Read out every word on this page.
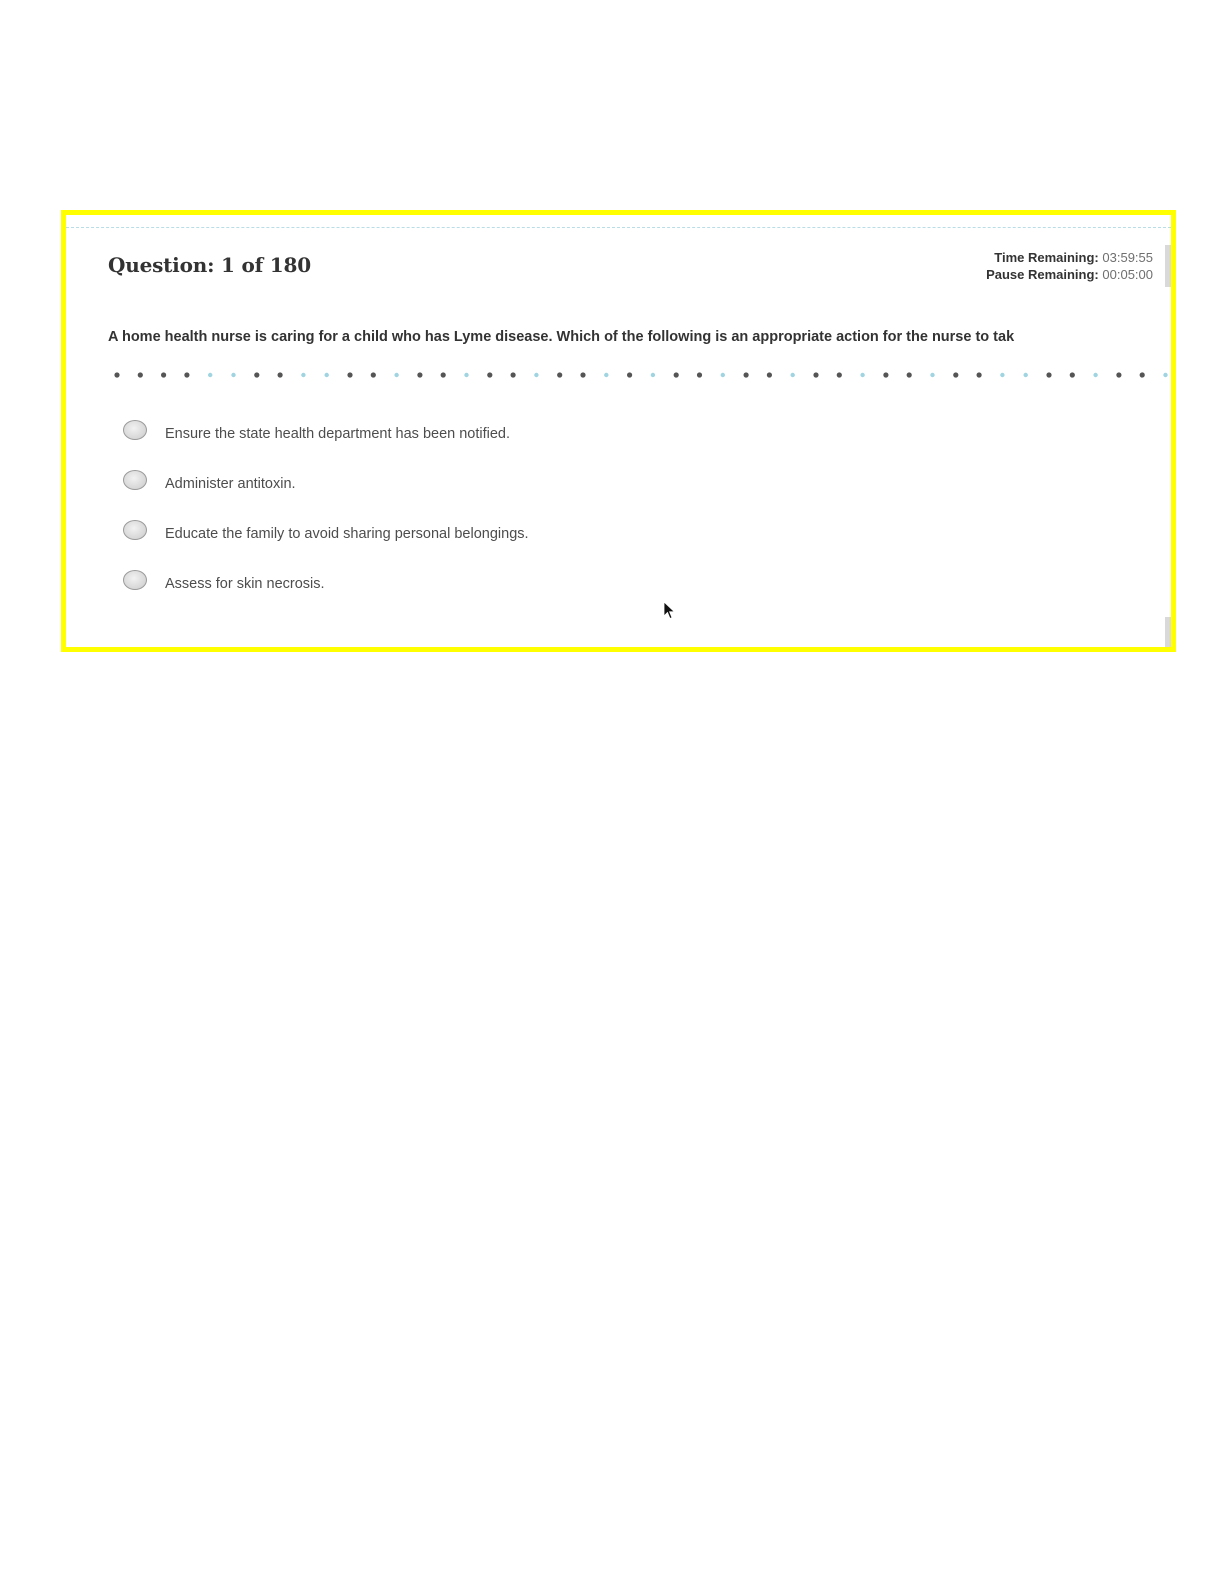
Question: 1 of 180	Time Remaining: 03:59:55
Pause Remaining: 00:05:00
A home health nurse is caring for a child who has Lyme disease. Which of the following is an appropriate action for the nurse to tak
Ensure the state health department has been notified.
Administer antitoxin.
Educate the family to avoid sharing personal belongings.
Assess for skin necrosis.
